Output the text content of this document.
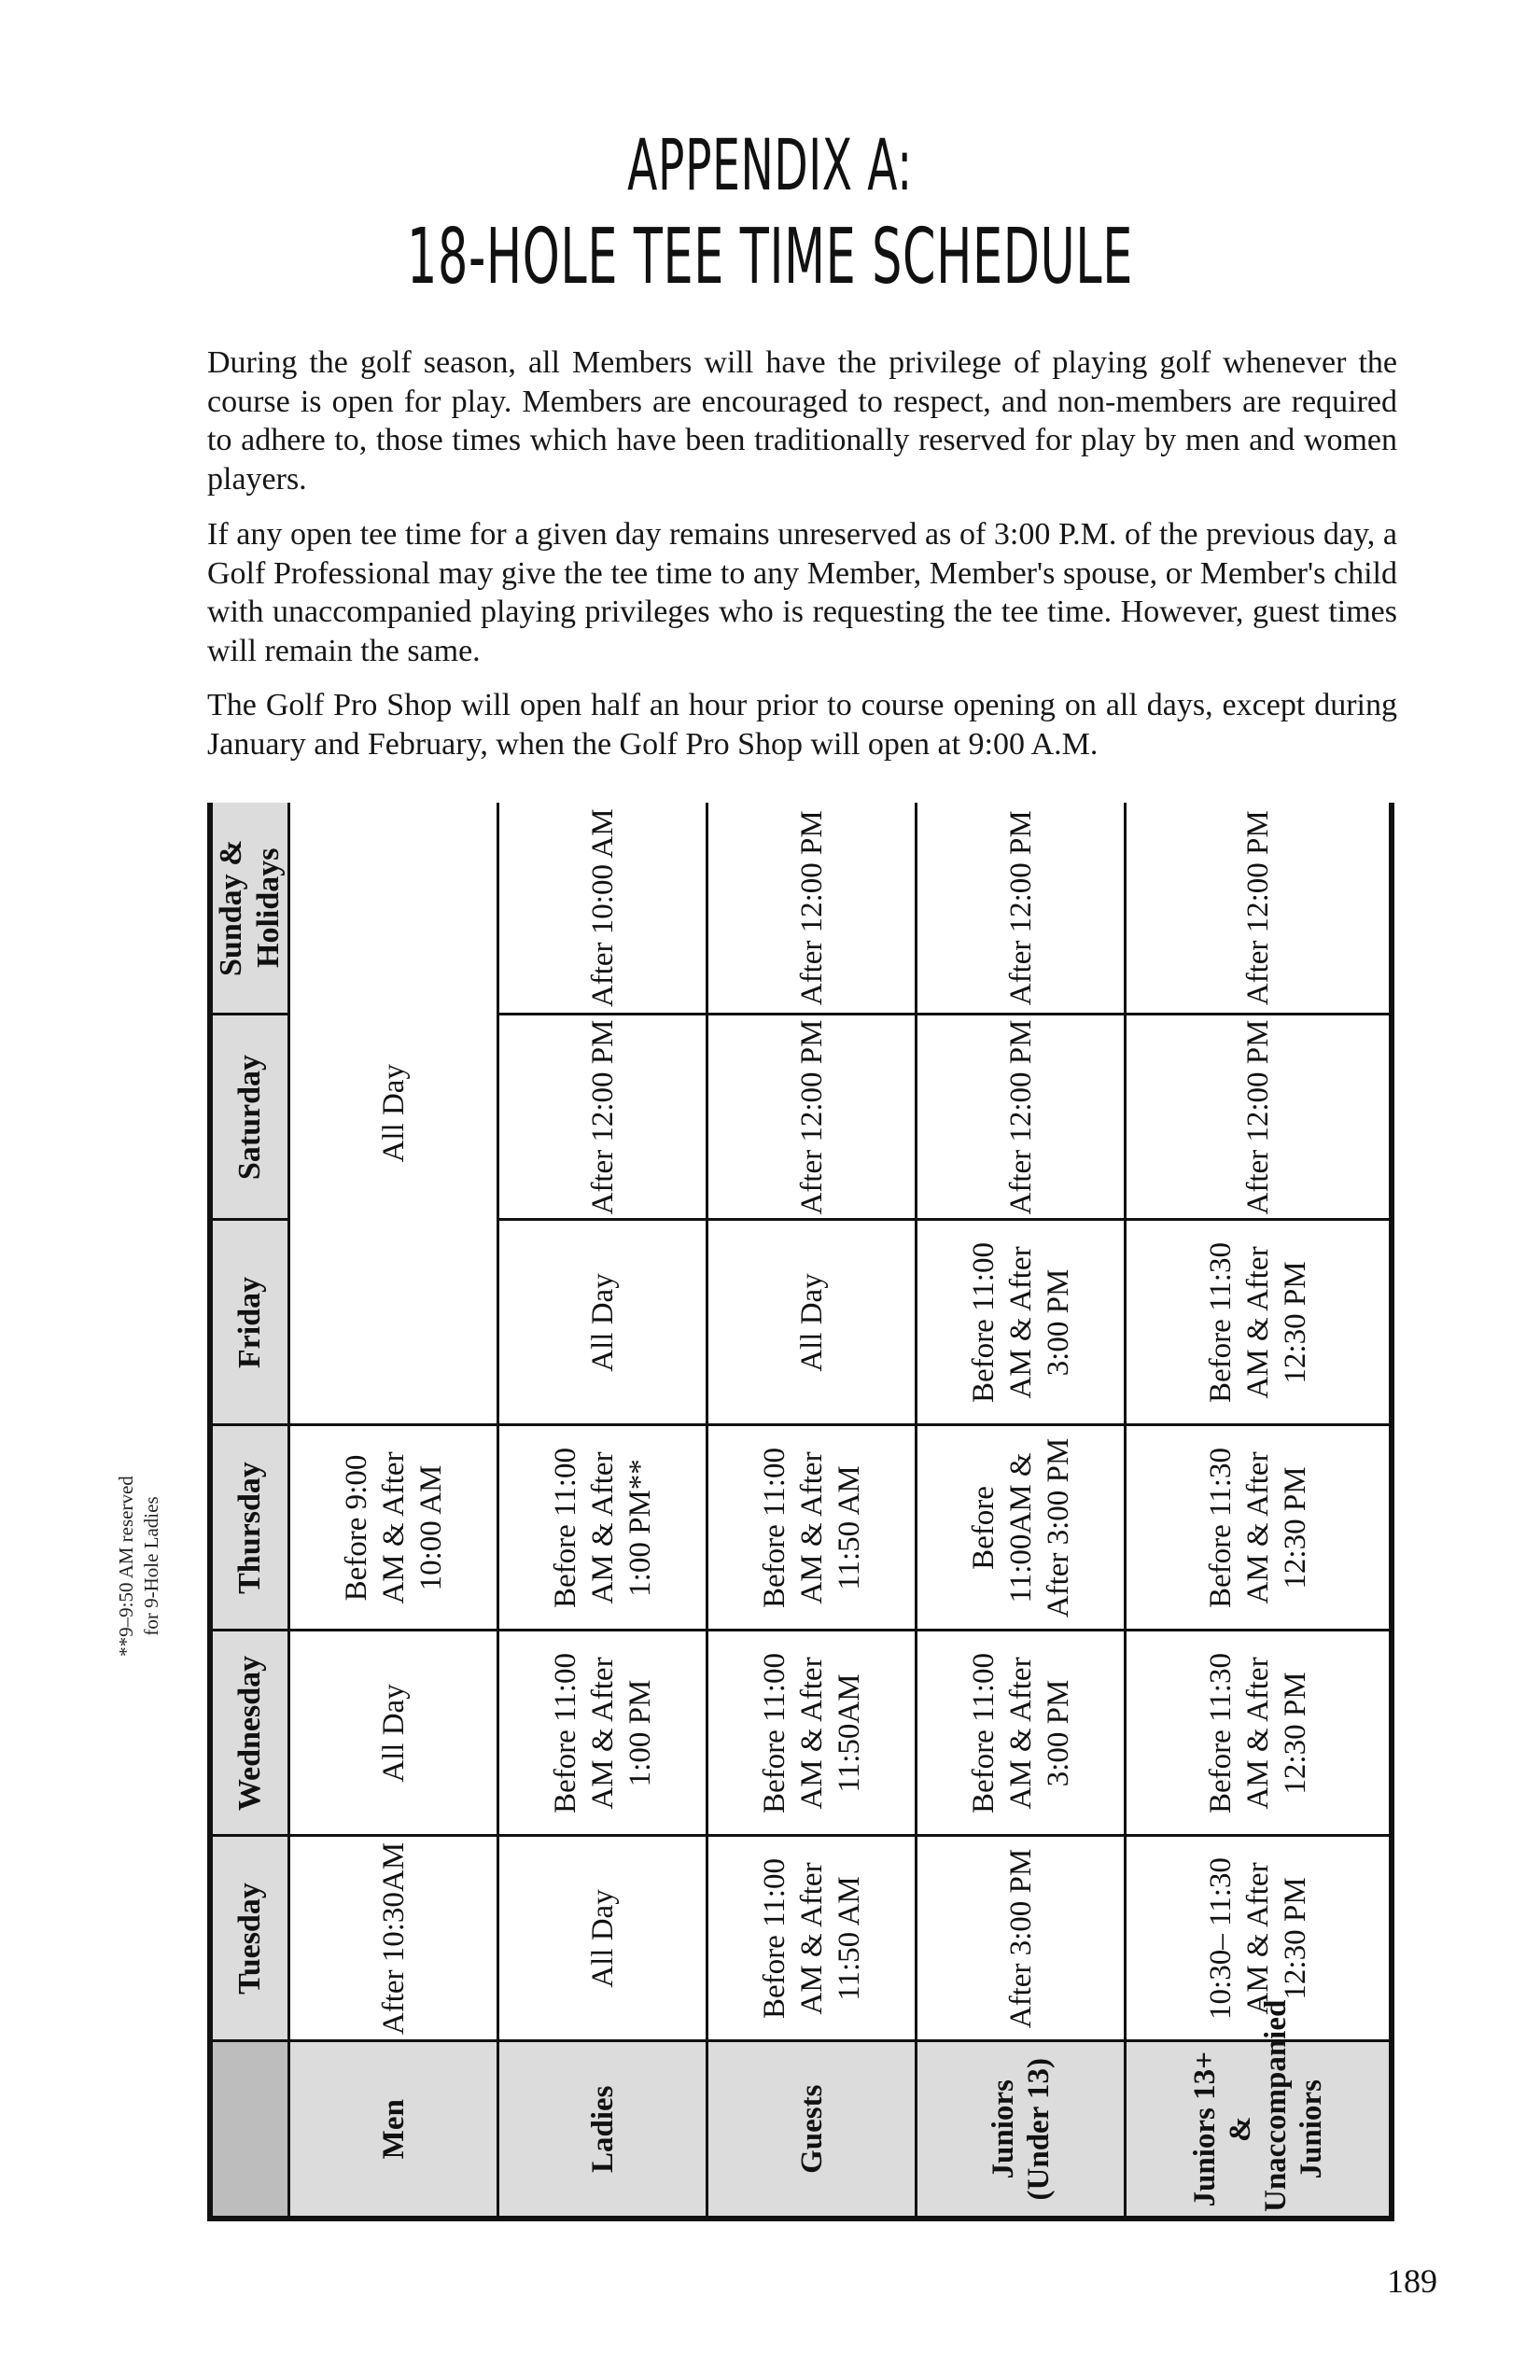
APPENDIX A:
18-HOLE TEE TIME SCHEDULE

During the golf season, all Members will have the privilege of playing golf whenever the course is open for play. Members are encouraged to respect, and non-members are required to adhere to, those times which have been traditionally reserved for play by men and women players.

If any open tee time for a given day remains unreserved as of 3:00 P.M. of the previous day, a Golf Professional may give the tee time to any Member, Member's spouse, or Member's child with unaccompanied playing privileges who is requesting the tee time. However, guest times will remain the same.

The Golf Pro Shop will open half an hour prior to course opening on all days, except during January and February, when the Golf Pro Shop will open at 9:00 A.M.

**9–9:50 AM reserved for 9-Hole Ladies
	Tuesday	Wednesday	Thursday	Friday	Saturday	Sunday & Holidays
Men	After 10:30AM	All Day	Before 9:00 AM & After 10:00 AM	All Day		
Ladies	All Day	Before 11:00 AM & After 1:00 PM	Before 11:00 AM & After 1:00 PM**	All Day	After 12:00 PM	After 10:00 AM
Guests	Before 11:00 AM & After 11:50 AM	Before 11:00 AM & After 11:50AM	Before 11:00 AM & After 11:50 AM	All Day	After 12:00 PM	After 12:00 PM
Juniors (Under 13)	After 3:00 PM	Before 11:00 AM & After 3:00 PM	Before 11:00AM & After 3:00 PM	Before 11:00 AM & After 3:00 PM	After 12:00 PM	After 12:00 PM
Juniors 13+ & Unaccompanied Juniors	10:30– 11:30 AM & After 12:30 PM	Before 11:30 AM & After 12:30 PM	Before 11:30 AM & After 12:30 PM	Before 11:30 AM & After 12:30 PM	After 12:00 PM	After 12:00 PM
189
